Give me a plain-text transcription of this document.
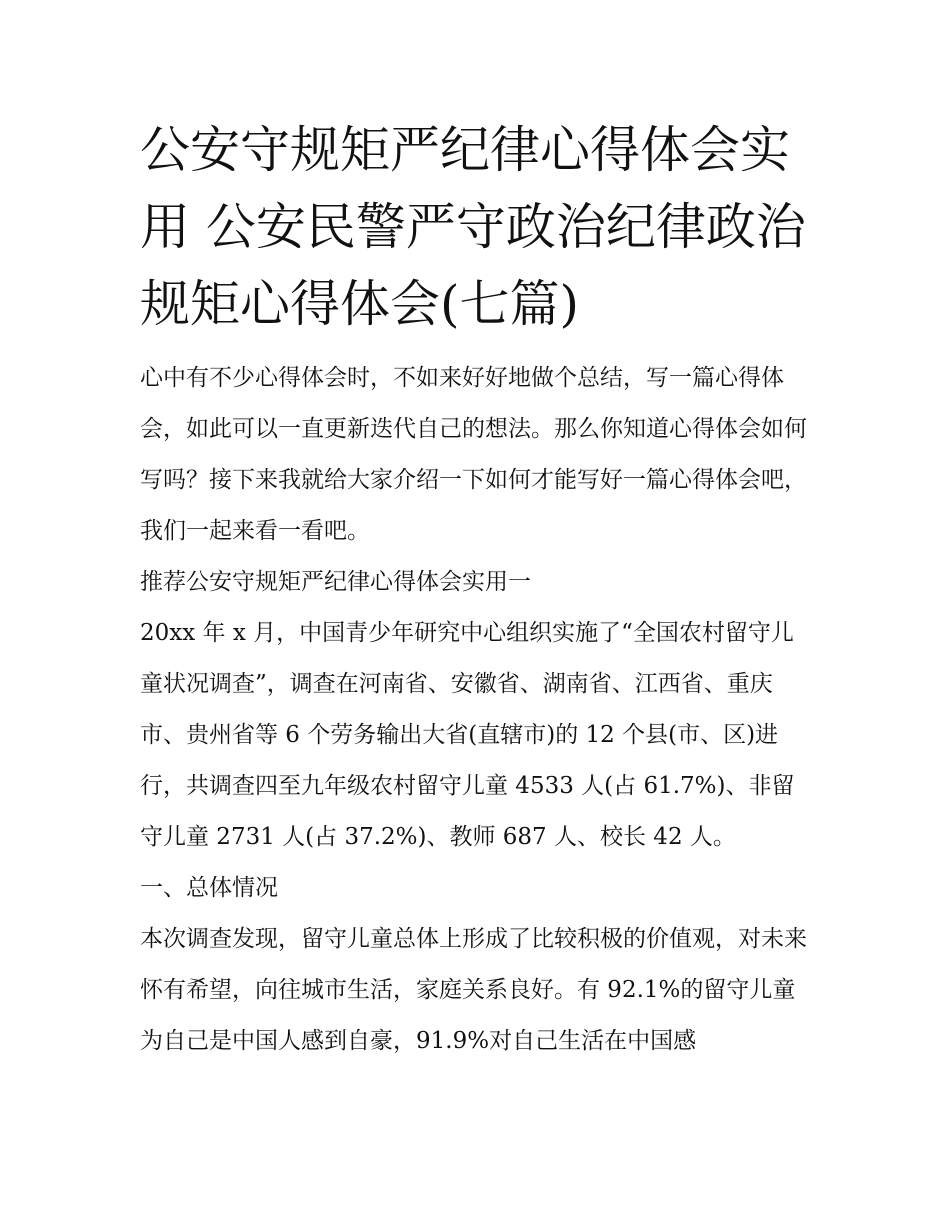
公安守规矩严纪律心得体会实用 公安民警严守政治纪律政治规矩心得体会(七篇)

心中有不少心得体会时，不如来好好地做个总结，写一篇心得体会，如此可以一直更新迭代自己的想法。那么你知道心得体会如何写吗？接下来我就给大家介绍一下如何才能写好一篇心得体会吧，我们一起来看一看吧。

推荐公安守规矩严纪律心得体会实用一

20xx 年 x 月，中国青少年研究中心组织实施了“全国农村留守儿童状况调查”，调查在河南省、安徽省、湖南省、江西省、重庆市、贵州省等 6 个劳务输出大省(直辖市)的 12 个县(市、区)进行，共调查四至九年级农村留守儿童 4533 人(占 61.7%)、非留守儿童 2731 人(占 37.2%)、教师 687 人、校长 42 人。

一、总体情况

本次调查发现，留守儿童总体上形成了比较积极的价值观，对未来怀有希望，向往城市生活，家庭关系良好。有 92.1%的留守儿童为自己是中国人感到自豪，91.9%对自己生活在中国感
